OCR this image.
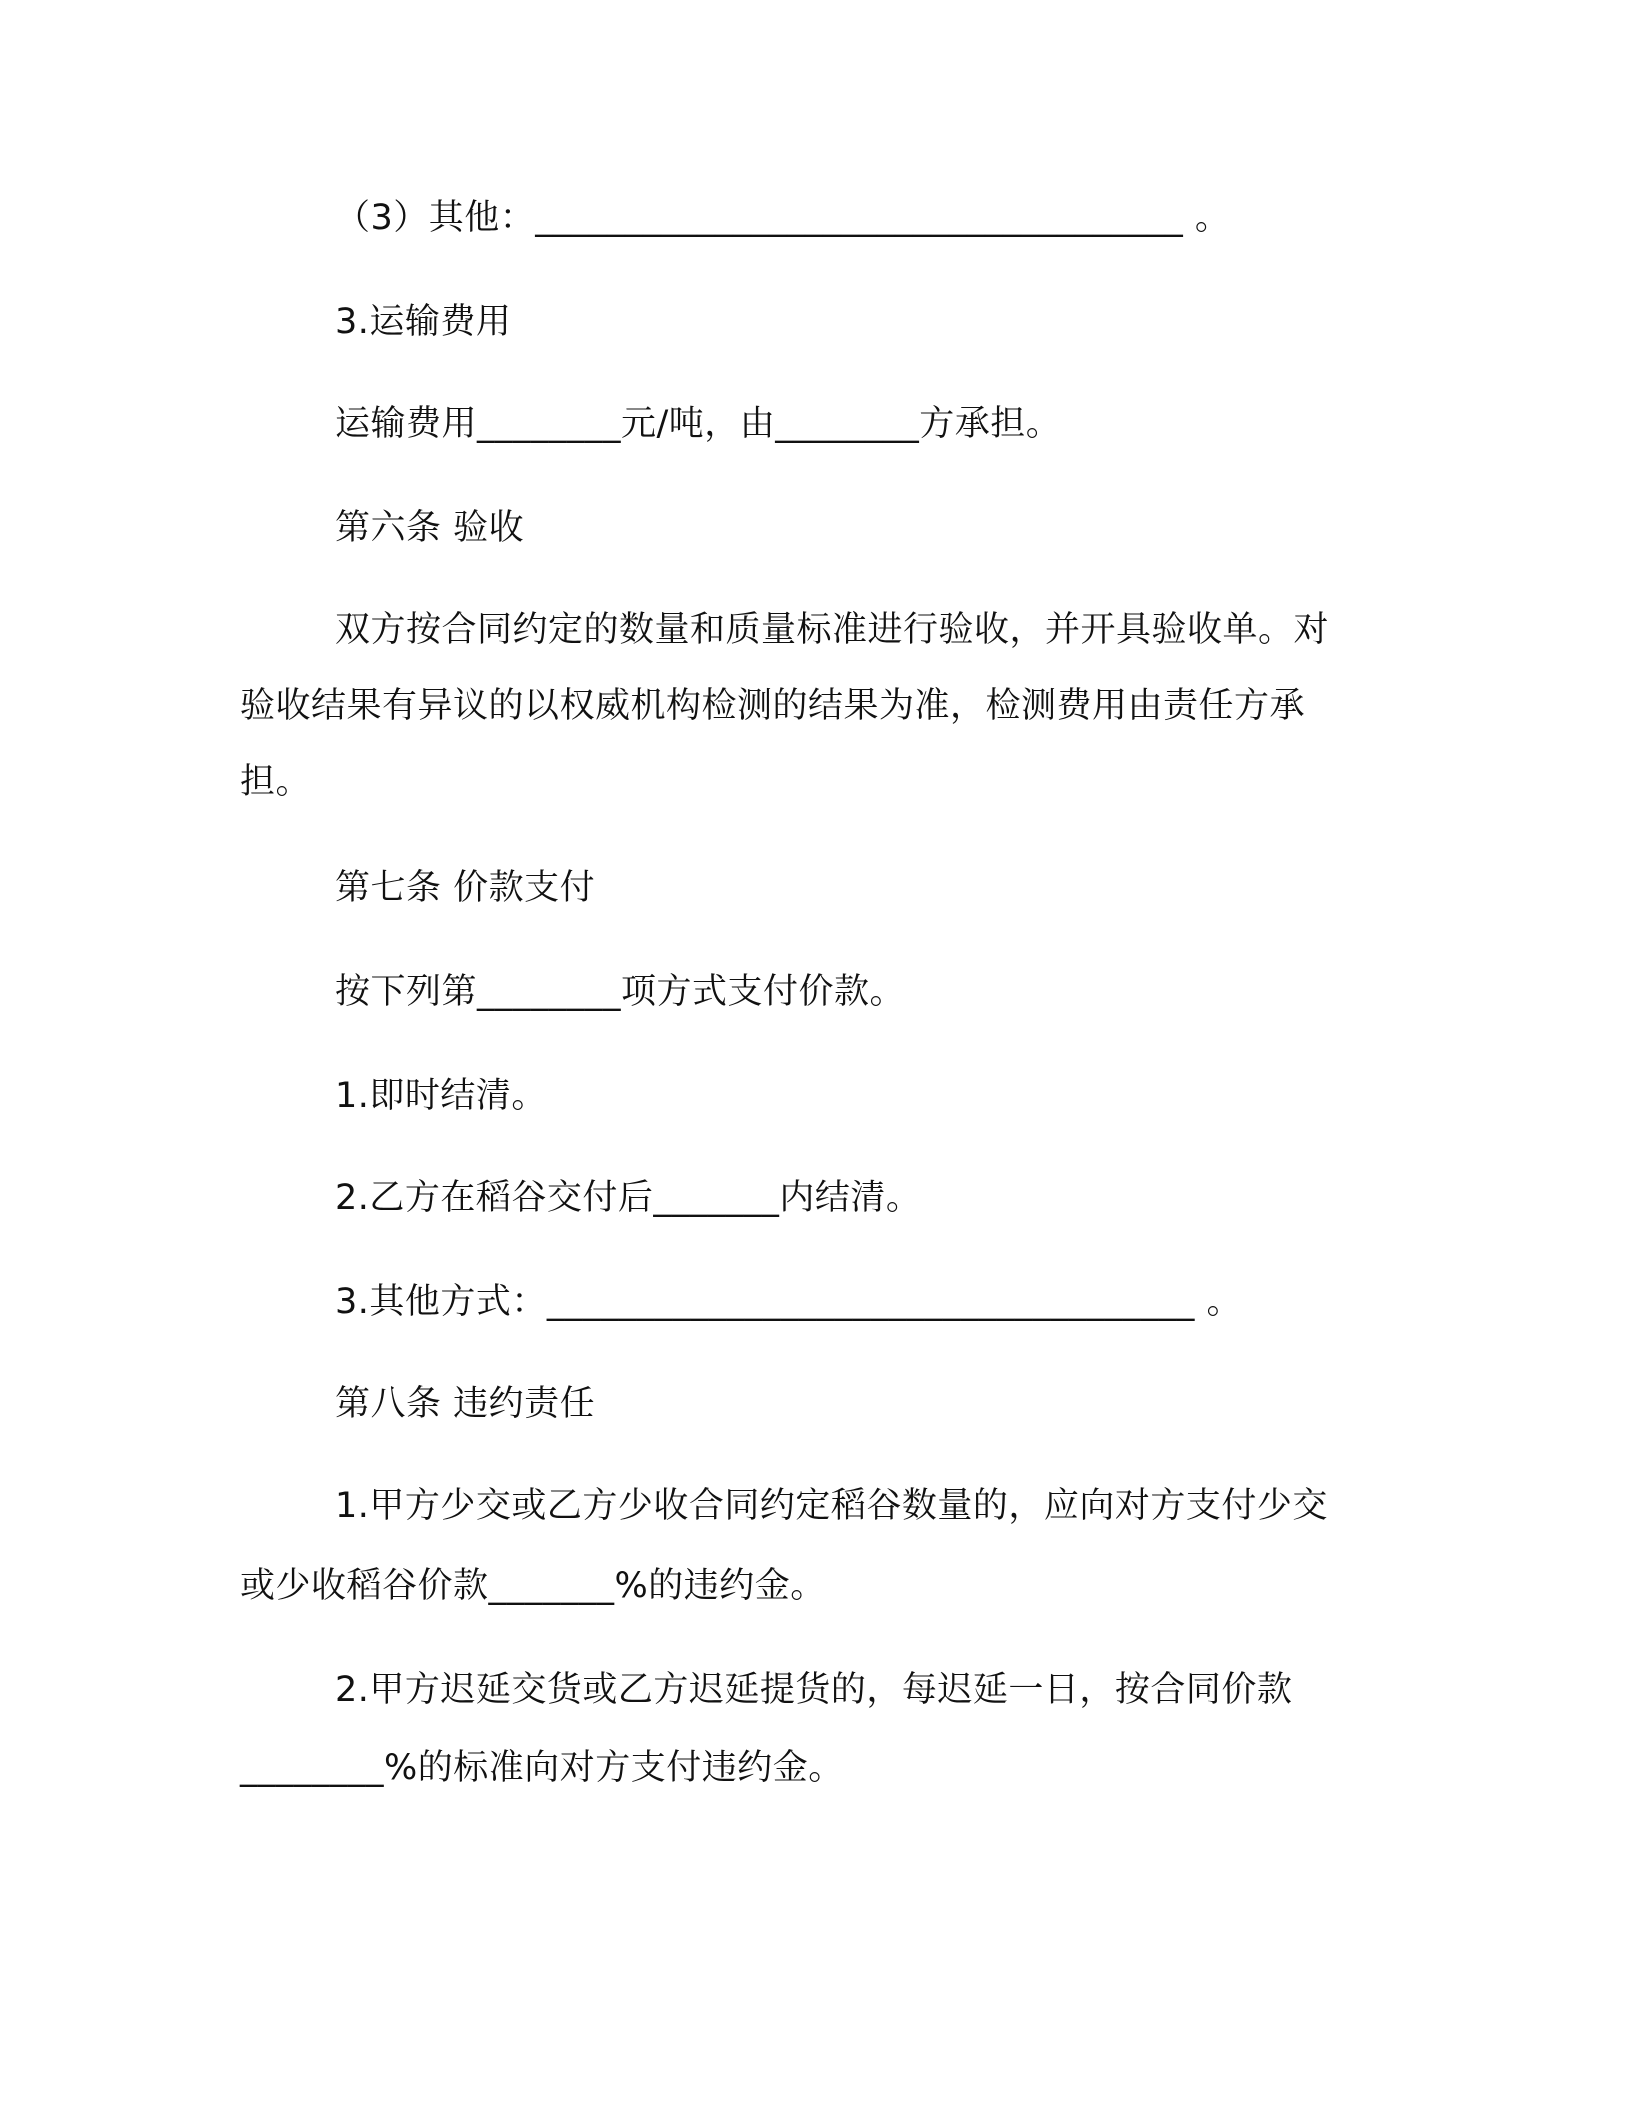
（3）其他：____________________________________ 。
3.运输费用
运输费用________元/吨，由________方承担。
第六条 验收
双方按合同约定的数量和质量标准进行验收，并开具验收单。对
验收结果有异议的以权威机构检测的结果为准，检测费用由责任方承
担。
第七条 价款支付
按下列第________项方式支付价款。
1.即时结清。
2.乙方在稻谷交付后_______内结清。
3.其他方式：____________________________________ 。
第八条 违约责任
1.甲方少交或乙方少收合同约定稻谷数量的，应向对方支付少交
或少收稻谷价款_______%的违约金。
2.甲方迟延交货或乙方迟延提货的，每迟延一日，按合同价款
________%的标准向对方支付违约金。
